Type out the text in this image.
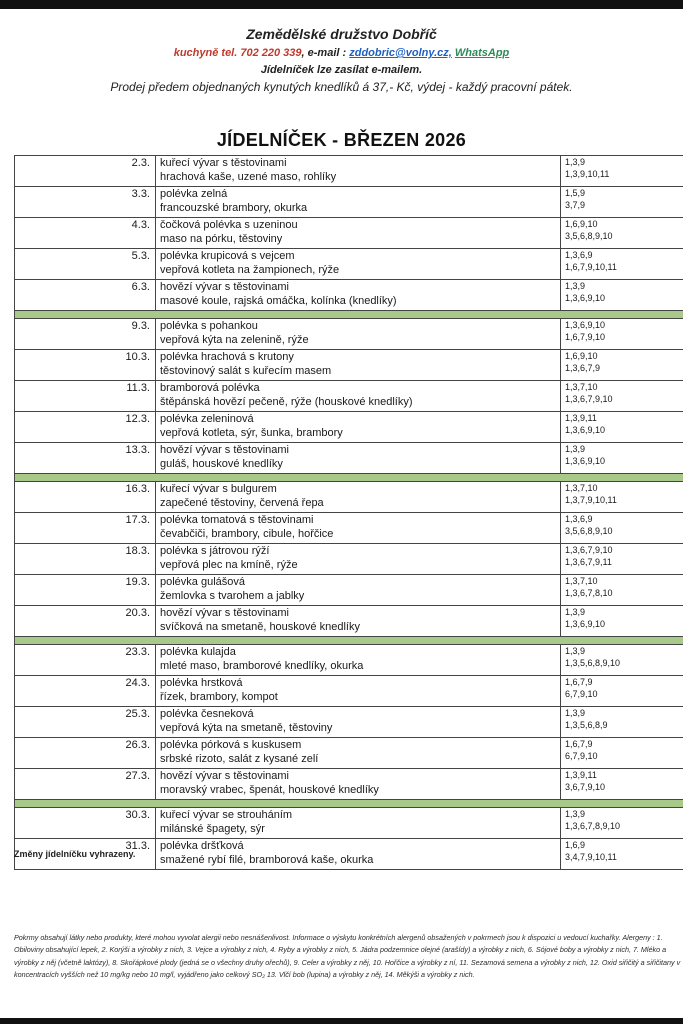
Zemědělské družstvo Dobříč
kuchyně tel. 702 220 339, e-mail : zddobric@volny.cz, WhatsApp
Jídelníček lze zasílat e-mailem.
Prodej předem objednaných kynutých knedlíků á 37,- Kč, výdej - každý pracovní pátek.
JÍDELNÍČEK - BŘEZEN 2026
2.3.	kuřecí vývar s těstovinami
hrachová kaše, uzené maso, rohlíky	1,3,9
1,3,9,10,11

3.3.	polévka zelná
francouzské brambory, okurka	1,5,9
3,7,9

4.3.	čočková polévka s uzeninou
maso na pórku, těstoviny	1,6,9,10
3,5,6,8,9,10

5.3.	polévka krupicová s vejcem
vepřová kotleta na žampionech, rýže	1,3,6,9
1,6,7,9,10,11

6.3.	hovězí vývar s těstovinami
masové koule, rajská omáčka, kolínka (knedlíky)	1,3,9
1,3,6,9,10

9.3.	polévka s pohankou
vepřová kýta na zelenině, rýže	1,3,6,9,10
1,6,7,9,10

10.3.	polévka hrachová s krutony
těstovinový salát s kuřecím masem	1,6,9,10
1,3,6,7,9

11.3.	bramborová polévka
štěpánská hovězí pečeně, rýže (houskové knedlíky)	1,3,7,10
1,3,6,7,9,10

12.3.	polévka zeleninová
vepřová kotleta, sýr, šunka, brambory	1,3,9,11
1,3,6,9,10

13.3.	hovězí vývar s těstovinami
guláš, houskové knedlíky	1,3,9
1,3,6,9,10

16.3.	kuřecí vývar s bulgurem
zapečené těstoviny, červená řepa	1,3,7,10
1,3,7,9,10,11

17.3.	polévka tomatová s těstovinami
čevabčiči, brambory, cibule, hořčice	1,3,6,9
3,5,6,8,9,10

18.3.	polévka s játrovou rýží
vepřová plec na kmíně, rýže	1,3,6,7,9,10
1,3,6,7,9,11

19.3.	polévka gulášová
žemlovka s tvarohem a jablky	1,3,7,10
1,3,6,7,8,10

20.3.	hovězí vývar s těstovinami
svíčková na smetaně, houskové knedlíky	1,3,9
1,3,6,9,10

23.3.	polévka kulajda
mleté maso, bramborové knedlíky, okurka	1,3,9
1,3,5,6,8,9,10

24.3.	polévka hrstková
řízek, brambory, kompot	1,6,7,9
6,7,9,10

25.3.	polévka česneková
vepřová kýta na smetaně, těstoviny	1,3,9
1,3,5,6,8,9

26.3.	polévka pórková s kuskusem
srbské rizoto, salát z kysané zelí	1,6,7,9
6,7,9,10

27.3.	hovězí vývar s těstovinami
moravský vrabec, špenát, houskové knedlíky	1,3,9,11
3,6,7,9,10

30.3.	kuřecí vývar se strouháním
milánské špagety, sýr	1,3,9
1,3,6,7,8,9,10

31.3.	polévka dršťková
smažené rybí filé, bramborová kaše, okurka	1,6,9
3,4,7,9,10,11
Změny jídelníčku vyhrazeny.
Pokrmy obsahují látky nebo produkty, které mohou vyvolat alergii nebo nesnášenlivost. Informace o výskytu konkrétních alergenů obsažených v pokrmech jsou k dispozici u vedoucí kuchařky. Alergeny : 1. Obiloviny obsahující lepek, 2. Korýši a výrobky z nich, 3. Vejce a výrobky z nich, 4. Ryby a výrobky z nich, 5. Jádra podzemnice olejné (arašídy) a výrobky z nich, 6. Sójové boby a výrobky z nich, 7. Mléko a výrobky z něj (včetně laktózy), 8. Skořápkové plody (jedná se o všechny druhy ořechů), 9. Celer a výrobky z něj, 10. Hořčice a výrobky z ní, 11. Sezamová semena a výrobky z nich, 12. Oxid siřičitý a siřičitany v koncentracích vyšších než 10 mg/kg nebo 10 mg/l, vyjádřeno jako celkový SO₂ 13. Vlčí bob (lupina) a výrobky z něj, 14. Měkýši a výrobky z nich.
